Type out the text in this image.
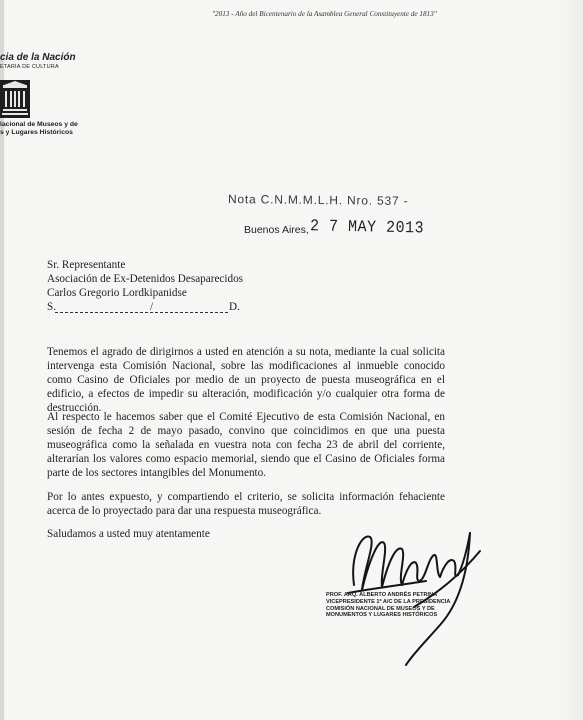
"2013 - Año del Bicentenario de la Asamblea General Constituyente de 1813"
cia de la Nación
ETARIA DE CULTURA
lacional de Museos y de
s y Lugares Históricos
Nota C.N.M.M.L.H. Nro. 537 -
Buenos Aires, 2 7 MAY 2013
Sr. Representante
Asociación de Ex-Detenidos Desaparecidos
Carlos Gregorio Lordkipanidse
S.	/	D.
Tenemos el agrado de dirigirnos a usted en atención a su nota, mediante la cual solicita intervenga esta Comisión Nacional, sobre las modificaciones al inmueble conocido como Casino de Oficiales por medio de un proyecto de puesta museográfica en el edificio, a efectos de impedir su alteración, modificación y/o cualquier otra forma de destrucción.
Al respecto le hacemos saber que el Comité Ejecutivo de esta Comisión Nacional, en sesión de fecha 2 de mayo pasado, convino que coincidimos en que una puesta museográfica como la señalada en vuestra nota con fecha 23 de abril del corriente, alterarían los valores como espacio memorial, siendo que el Casino de Oficiales forma parte de los sectores intangibles del Monumento.
Por lo antes expuesto, y compartiendo el criterio, se solicita información fehaciente acerca de lo proyectado para dar una respuesta museográfica.
Saludamos a usted muy atentamente
PROF. ARQ. ALBERTO ANDRÉS PETRINA
VICEPRESIDENTE 1º A/C DE LA PRESIDENCIA
COMISIÓN NACIONAL DE MUSEOS Y DE
MONUMENTOS Y LUGARES HISTÓRICOS
